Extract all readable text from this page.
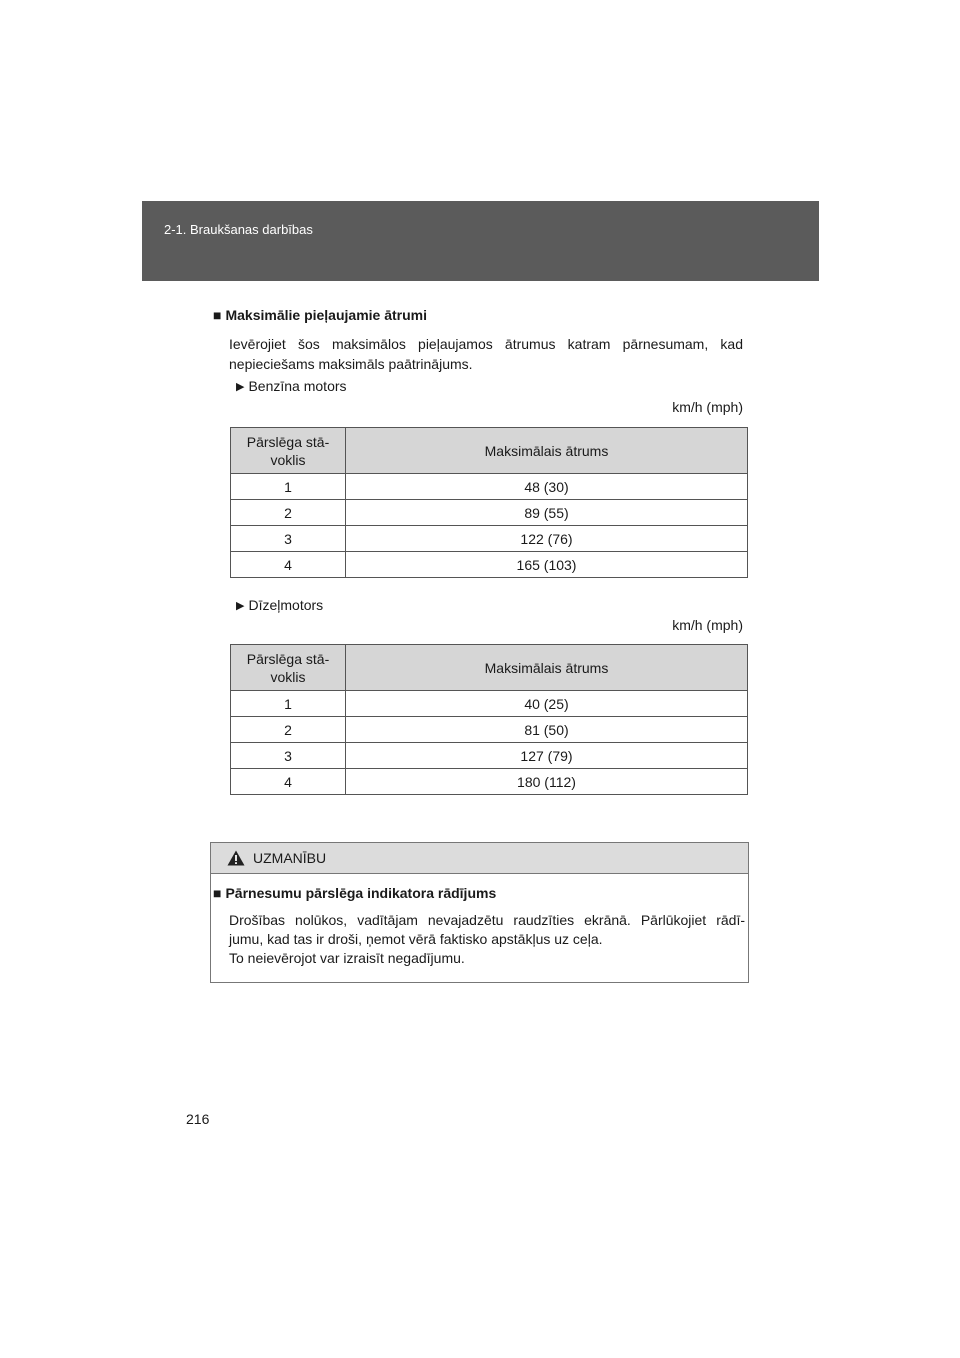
2-1. Braukšanas darbības
■ Maksimālie pieļaujamie ātrumi
Ievērojiet šos maksimālos pieļaujamos ātrumus katram pārnesumam, kad nepieciešams maksimāls paātrinājums.
▶ Benzīna motors
km/h (mph)
Pārslēga stā-
voklis	Maksimālais ātrums
1	48 (30)
2	89 (55)
3	122 (76)
4	165 (103)
▶ Dīzeļmotors
km/h (mph)
Pārslēga stā-
voklis	Maksimālais ātrums
1	40 (25)
2	81 (50)
3	127 (79)
4	180 (112)
UZMANĪBU
■ Pārnesumu pārslēga indikatora rādījums
Drošības nolūkos, vadītājam nevajadzētu raudzīties ekrānā. Pārlūkojiet rādī-
jumu, kad tas ir droši, ņemot vērā faktisko apstākļus uz ceļa.
To neievērojot var izraisīt negadījumu.
216
